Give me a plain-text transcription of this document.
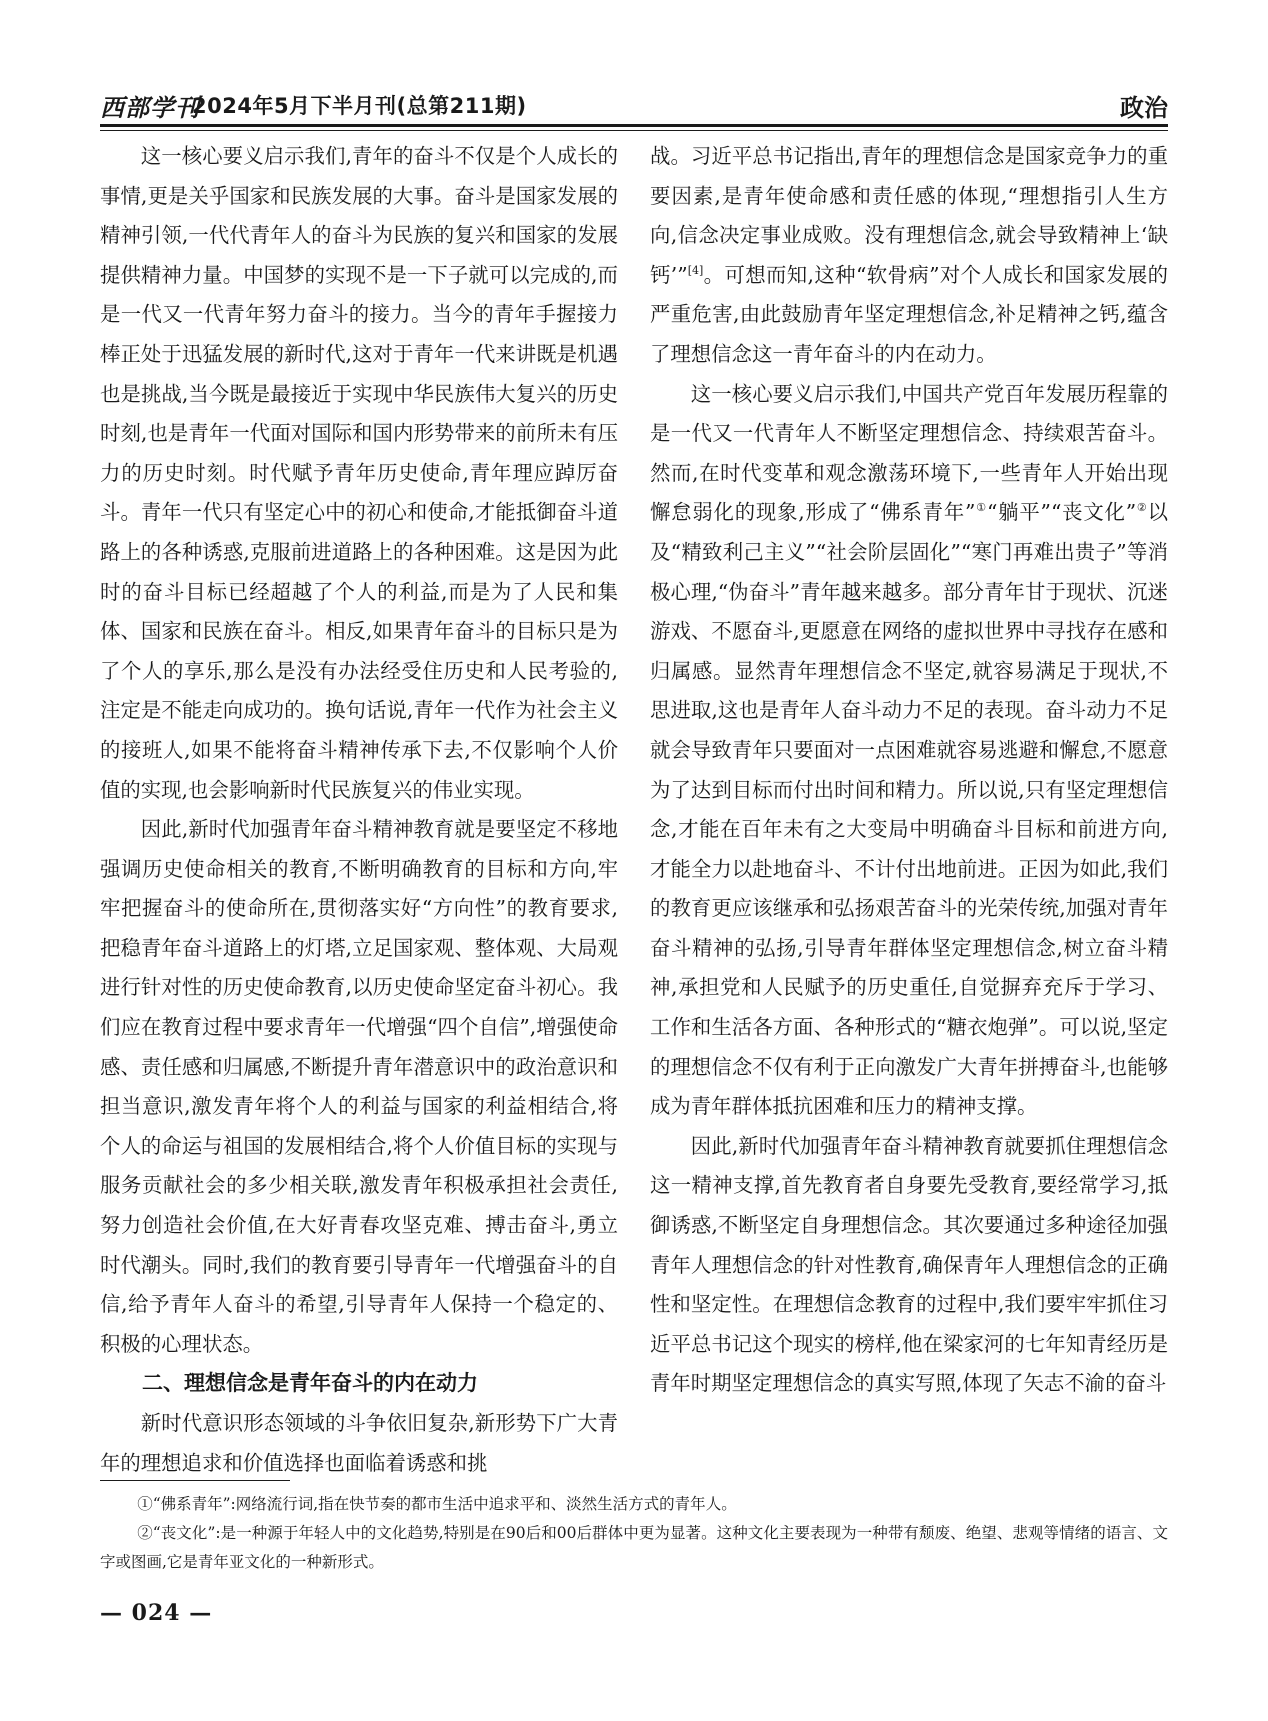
西部学刊
2024年5月下半月刊(总第211期)	政治

这一核心要义启示我们,青年的奋斗不仅是个人成长的事情,更是关乎国家和民族发展的大事。奋斗是国家发展的精神引领,一代代青年人的奋斗为民族的复兴和国家的发展提供精神力量。中国梦的实现不是一下子就可以完成的,而是一代又一代青年努力奋斗的接力。当今的青年手握接力棒正处于迅猛发展的新时代,这对于青年一代来讲既是机遇也是挑战,当今既是最接近于实现中华民族伟大复兴的历史时刻,也是青年一代面对国际和国内形势带来的前所未有压力的历史时刻。时代赋予青年历史使命,青年理应踔厉奋斗。青年一代只有坚定心中的初心和使命,才能抵御奋斗道路上的各种诱惑,克服前进道路上的各种困难。这是因为此时的奋斗目标已经超越了个人的利益,而是为了人民和集体、国家和民族在奋斗。相反,如果青年奋斗的目标只是为了个人的享乐,那么是没有办法经受住历史和人民考验的,注定是不能走向成功的。换句话说,青年一代作为社会主义的接班人,如果不能将奋斗精神传承下去,不仅影响个人价值的实现,也会影响新时代民族复兴的伟业实现。

因此,新时代加强青年奋斗精神教育就是要坚定不移地强调历史使命相关的教育,不断明确教育的目标和方向,牢牢把握奋斗的使命所在,贯彻落实好“方向性”的教育要求,把稳青年奋斗道路上的灯塔,立足国家观、整体观、大局观进行针对性的历史使命教育,以历史使命坚定奋斗初心。我们应在教育过程中要求青年一代增强“四个自信”,增强使命感、责任感和归属感,不断提升青年潜意识中的政治意识和担当意识,激发青年将个人的利益与国家的利益相结合,将个人的命运与祖国的发展相结合,将个人价值目标的实现与服务贡献社会的多少相关联,激发青年积极承担社会责任,努力创造社会价值,在大好青春攻坚克难、搏击奋斗,勇立时代潮头。同时,我们的教育要引导青年一代增强奋斗的自信,给予青年人奋斗的希望,引导青年人保持一个稳定的、积极的心理状态。

二、理想信念是青年奋斗的内在动力

新时代意识形态领域的斗争依旧复杂,新形势下广大青年的理想追求和价值选择也面临着诱惑和挑

战。习近平总书记指出,青年的理想信念是国家竞争力的重要因素,是青年使命感和责任感的体现,“理想指引人生方向,信念决定事业成败。没有理想信念,就会导致精神上‘缺钙’”[4]。可想而知,这种“软骨病”对个人成长和国家发展的严重危害,由此鼓励青年坚定理想信念,补足精神之钙,蕴含了理想信念这一青年奋斗的内在动力。

这一核心要义启示我们,中国共产党百年发展历程靠的是一代又一代青年人不断坚定理想信念、持续艰苦奋斗。然而,在时代变革和观念激荡环境下,一些青年人开始出现懈怠弱化的现象,形成了“佛系青年”①“躺平”“丧文化”②以及“精致利己主义”“社会阶层固化”“寒门再难出贵子”等消极心理,“伪奋斗”青年越来越多。部分青年甘于现状、沉迷游戏、不愿奋斗,更愿意在网络的虚拟世界中寻找存在感和归属感。显然青年理想信念不坚定,就容易满足于现状,不思进取,这也是青年人奋斗动力不足的表现。奋斗动力不足就会导致青年只要面对一点困难就容易逃避和懈怠,不愿意为了达到目标而付出时间和精力。所以说,只有坚定理想信念,才能在百年未有之大变局中明确奋斗目标和前进方向,才能全力以赴地奋斗、不计付出地前进。正因为如此,我们的教育更应该继承和弘扬艰苦奋斗的光荣传统,加强对青年奋斗精神的弘扬,引导青年群体坚定理想信念,树立奋斗精神,承担党和人民赋予的历史重任,自觉摒弃充斥于学习、工作和生活各方面、各种形式的“糖衣炮弹”。可以说,坚定的理想信念不仅有利于正向激发广大青年拼搏奋斗,也能够成为青年群体抵抗困难和压力的精神支撑。

因此,新时代加强青年奋斗精神教育就要抓住理想信念这一精神支撑,首先教育者自身要先受教育,要经常学习,抵御诱惑,不断坚定自身理想信念。其次要通过多种途径加强青年人理想信念的针对性教育,确保青年人理想信念的正确性和坚定性。在理想信念教育的过程中,我们要牢牢抓住习近平总书记这个现实的榜样,他在梁家河的七年知青经历是青年时期坚定理想信念的真实写照,体现了矢志不渝的奋斗

①“佛系青年”:网络流行词,指在快节奏的都市生活中追求平和、淡然生活方式的青年人。

②“丧文化”:是一种源于年轻人中的文化趋势,特别是在90后和00后群体中更为显著。这种文化主要表现为一种带有颓废、绝望、悲观等情绪的语言、文字或图画,它是青年亚文化的一种新形式。

— 024 —
